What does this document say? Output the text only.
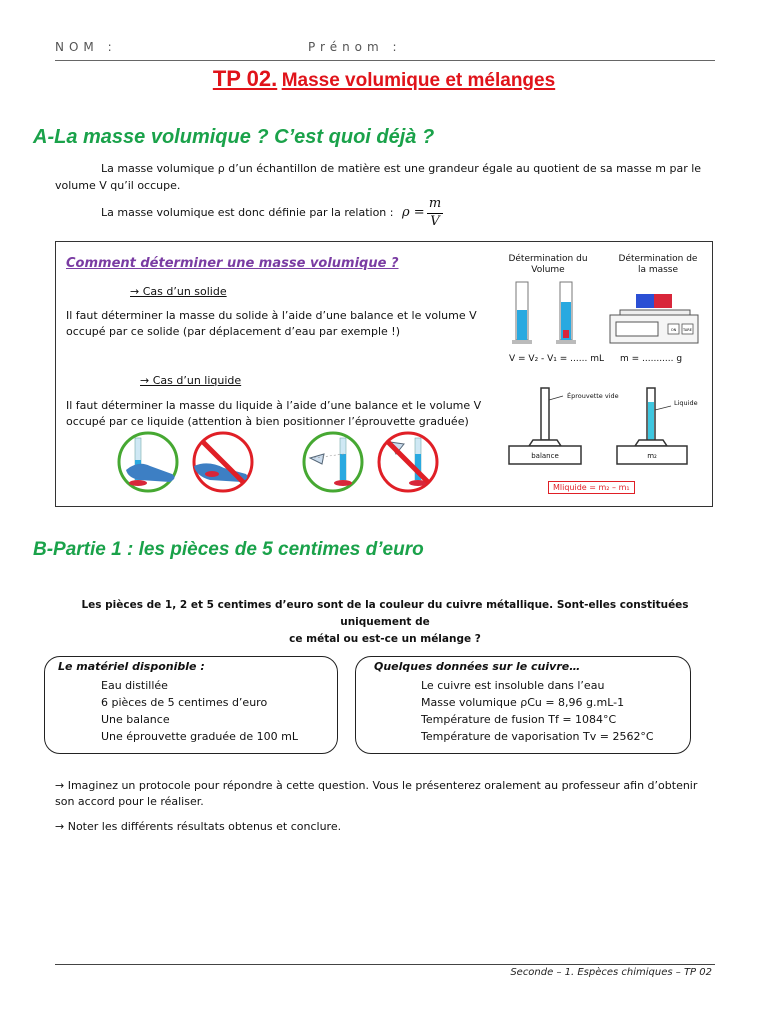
NOM :	Prénom :
TP 02. Masse volumique et mélanges
A-La masse volumique ? C’est quoi déjà ?
La masse volumique ρ d’un échantillon de matière est une grandeur égale au quotient de sa masse m par le
volume V qu’il occupe.
La masse volumique est donc définie par la relation : ρ =
m
V
Comment déterminer une masse volumique ?
→ Cas d’un solide
Il faut déterminer la masse du solide à l’aide d’une balance et le volume V
occupé par ce solide (par déplacement d’eau par exemple !)
→ Cas d’un liquide
Il faut déterminer la masse du liquide à l’aide d’une balance et le volume V
occupé par ce liquide (attention à bien positionner l’éprouvette graduée)
Détermination du
Volume
Détermination de
la masse
ON TARE
V = V₂ - V₁ = ...... mL m = ........... g
Éprouvette vide
Liquide
balance	m₂
Mliquide = m₂ – m₁
B-Partie 1 : les pièces de 5 centimes d’euro
Les pièces de 1, 2 et 5 centimes d’euro sont de la couleur du cuivre métallique. Sont-elles constituées uniquement de
ce métal ou est-ce un mélange ?
Le matériel disponible :
Eau distillée
6 pièces de 5 centimes d’euro
Une balance
Une éprouvette graduée de 100 mL
Quelques données sur le cuivre…
Le cuivre est insoluble dans l’eau
Masse volumique ρCu = 8,96 g.mL-1
Température de fusion Tf = 1084°C
Température de vaporisation Tv = 2562°C
→ Imaginez un protocole pour répondre à cette question. Vous le présenterez oralement au professeur afin d’obtenir
son accord pour le réaliser.
→ Noter les différents résultats obtenus et conclure.
Seconde – 1. Espèces chimiques – TP 02
